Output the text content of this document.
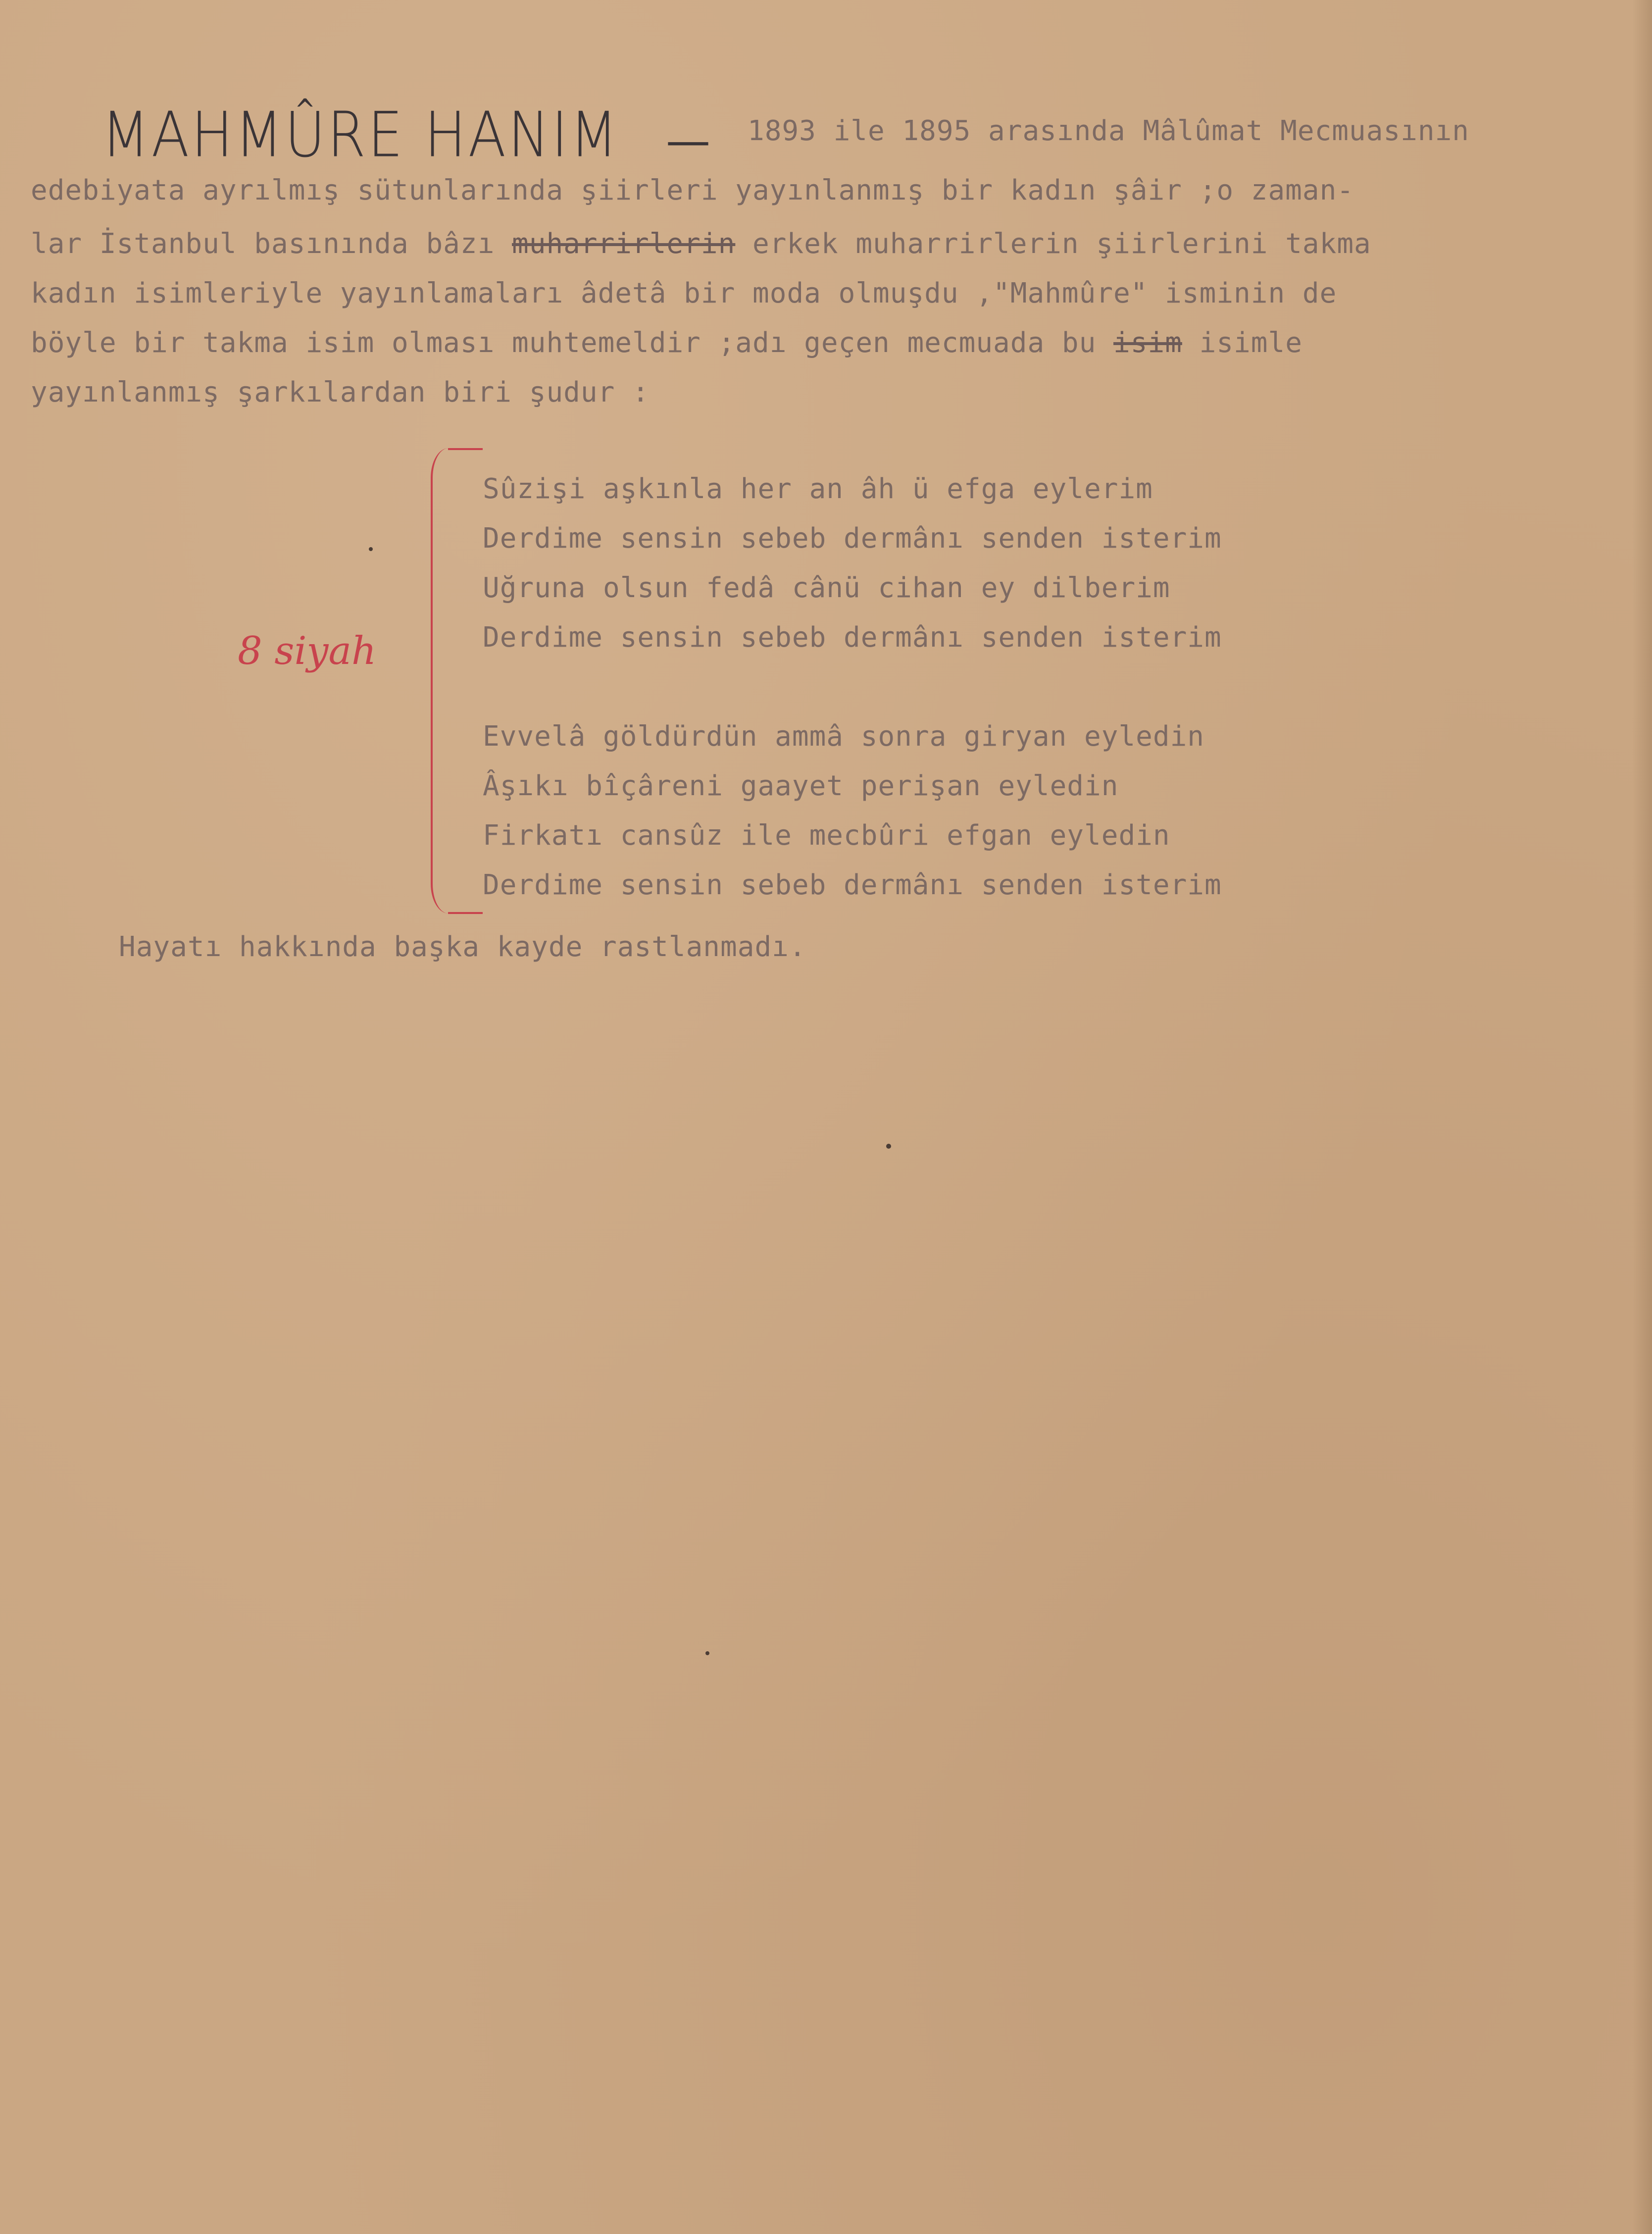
MAHMÛRE HANIM — 1893 ile 1895 arasında Mâlûmat Mecmuasının
edebiyata ayrılmış sütunlarında şiirleri yayınlanmış bir kadın şâir ;o zaman-
lar İstanbul basınında bâzı muharrirlerin erkek muharrirlerin şiirlerini takma
kadın isimleriyle yayınlamaları âdetâ bir moda olmuşdu ,"Mahmûre" isminin de
böyle bir takma isim olması muhtemeldir ;adı geçen mecmuada bu isim isimle
yayınlanmış şarkılardan biri şudur :
8 siyah
Sûzişi aşkınla her an âh ü efga eylerim
Derdime sensin sebeb dermânı senden isterim
Uğruna olsun fedâ cânü cihan ey dilberim
Derdime sensin sebeb dermânı senden isterim
Evvelâ göldürdün ammâ sonra giryan eyledin
Âşıkı bîçâreni gaayet perişan eyledin
Firkatı cansûz ile mecbûri efgan eyledin
Derdime sensin sebeb dermânı senden isterim
Hayatı hakkında başka kayde rastlanmadı.
